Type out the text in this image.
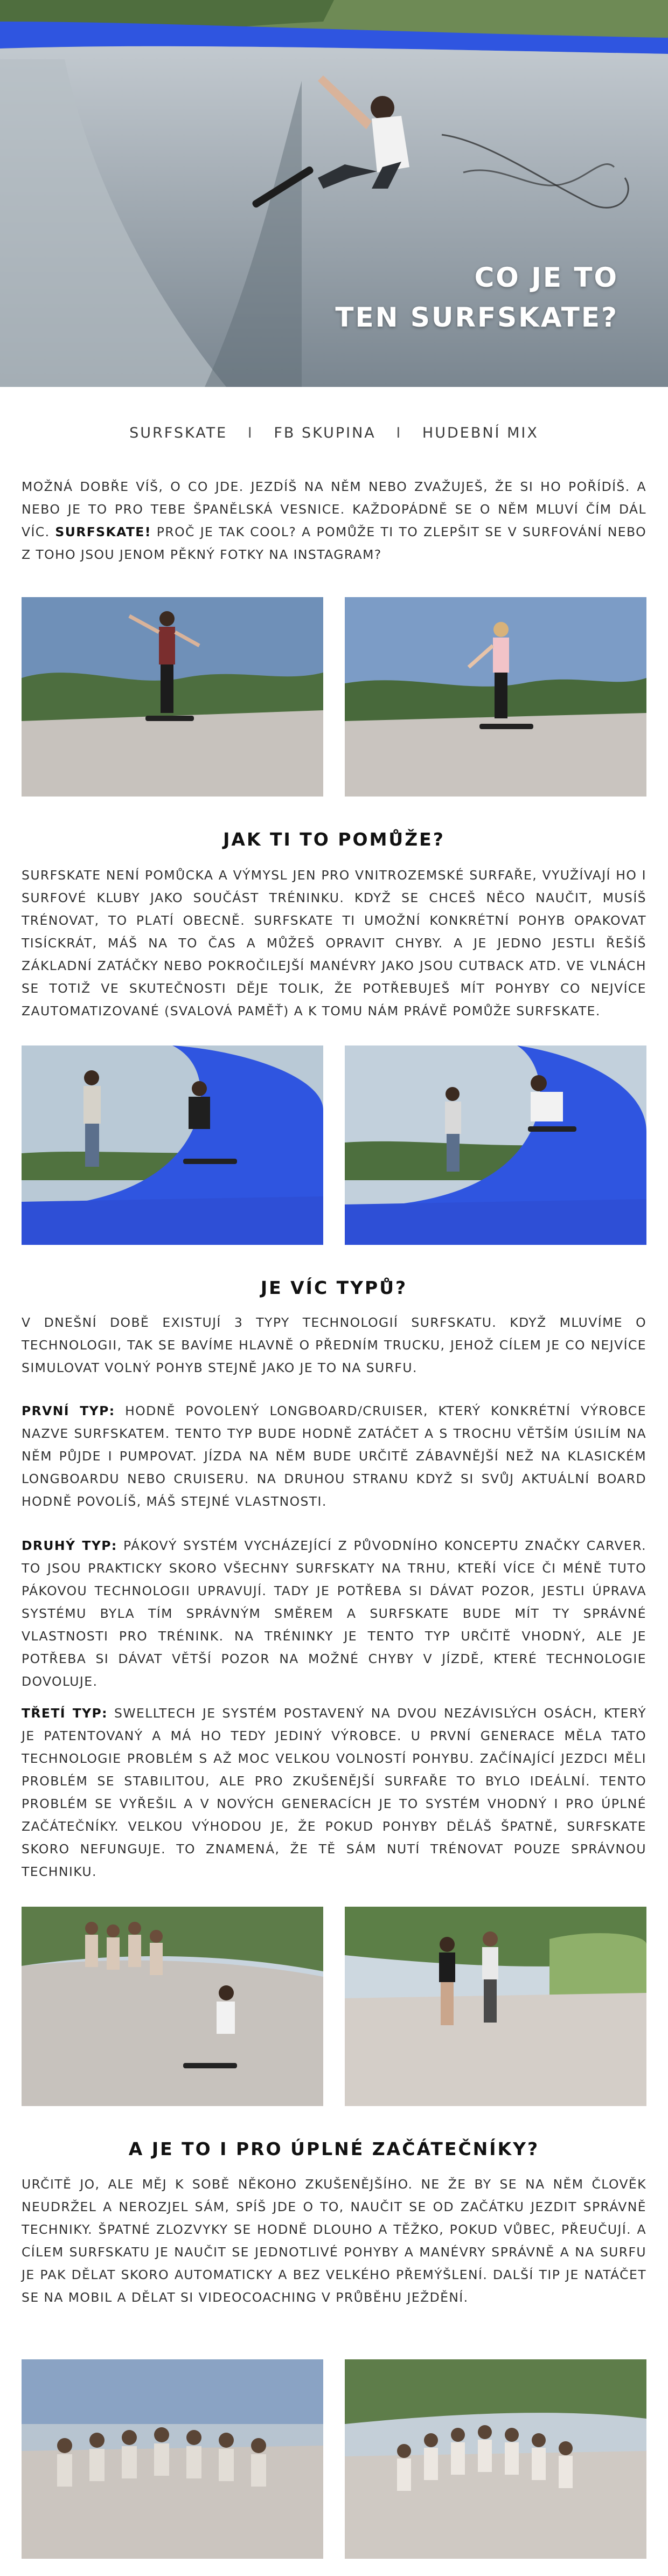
CO JE TO
TEN SURFSKATE?
SURFSKATE I FB SKUPINA I HUDEBNÍ MIX
MOŽNÁ DOBŘE VÍŠ, O CO JDE. JEZDÍŠ NA NĚM NEBO ZVAŽUJEŠ, ŽE SI HO POŘÍDÍŠ. A NEBO JE TO PRO TEBE ŠPANĚLSKÁ VESNICE. KAŽDOPÁDNĚ SE O NĚM MLUVÍ ČÍM DÁL VÍC. SURFSKATE! PROČ JE TAK COOL? A POMŮŽE TI TO ZLEPŠIT SE V SURFOVÁNÍ NEBO Z TOHO JSOU JENOM PĚKNÝ FOTKY NA INSTAGRAM?
JAK TI TO POMŮŽE?
SURFSKATE NENÍ POMŮCKA A VÝMYSL JEN PRO VNITROZEMSKÉ SURFAŘE, VYUŽÍVAJÍ HO I SURFOVÉ KLUBY JAKO SOUČÁST TRÉNINKU. KDYŽ SE CHCEŠ NĚCO NAUČIT, MUSÍŠ TRÉNOVAT, TO PLATÍ OBECNĚ. SURFSKATE TI UMOŽNÍ KONKRÉTNÍ POHYB OPAKOVAT TISÍCKRÁT, MÁŠ NA TO ČAS A MŮŽEŠ OPRAVIT CHYBY. A JE JEDNO JESTLI ŘEŠÍŠ ZÁKLADNÍ ZATÁČKY NEBO POKROČILEJŠÍ MANÉVRY JAKO JSOU CUTBACK ATD. VE VLNÁCH SE TOTIŽ VE SKUTEČNOSTI DĚJE TOLIK, ŽE POTŘEBUJEŠ MÍT POHYBY CO NEJVÍCE ZAUTOMATIZOVANÉ (SVALOVÁ PAMĚŤ) A K TOMU NÁM PRÁVĚ POMŮŽE SURFSKATE.
JE VÍC TYPŮ?
V DNEŠNÍ DOBĚ EXISTUJÍ 3 TYPY TECHNOLOGIÍ SURFSKATU. KDYŽ MLUVÍME O TECHNOLOGII, TAK SE BAVÍME HLAVNĚ O PŘEDNÍM TRUCKU, JEHOŽ CÍLEM JE CO NEJVÍCE SIMULOVAT VOLNÝ POHYB STEJNĚ JAKO JE TO NA SURFU.
PRVNÍ TYP: HODNĚ POVOLENÝ LONGBOARD/CRUISER, KTERÝ KONKRÉTNÍ VÝROBCE NAZVE SURFSKATEM. TENTO TYP BUDE HODNĚ ZATÁČET A S TROCHU VĚTŠÍM ÚSILÍM NA NĚM PŮJDE I PUMPOVAT. JÍZDA NA NĚM BUDE URČITĚ ZÁBAVNĚJŠÍ NEŽ NA KLASICKÉM LONGBOARDU NEBO CRUISERU. NA DRUHOU STRANU KDYŽ SI SVŮJ AKTUÁLNÍ BOARD HODNĚ POVOLÍŠ, MÁŠ STEJNÉ VLASTNOSTI.
DRUHÝ TYP: PÁKOVÝ SYSTÉM VYCHÁZEJÍCÍ Z PŮVODNÍHO KONCEPTU ZNAČKY CARVER. TO JSOU PRAKTICKY SKORO VŠECHNY SURFSKATY NA TRHU, KTEŘÍ VÍCE ČI MÉNĚ TUTO PÁKOVOU TECHNOLOGII UPRAVUJÍ. TADY JE POTŘEBA SI DÁVAT POZOR, JESTLI ÚPRAVA SYSTÉMU BYLA TÍM SPRÁVNÝM SMĚREM A SURFSKATE BUDE MÍT TY SPRÁVNÉ VLASTNOSTI PRO TRÉNINK. NA TRÉNINKY JE TENTO TYP URČITĚ VHODNÝ, ALE JE POTŘEBA SI DÁVAT VĚTŠÍ POZOR NA MOŽNÉ CHYBY V JÍZDĚ, KTERÉ TECHNOLOGIE DOVOLUJE.
TŘETÍ TYP: SWELLTECH JE SYSTÉM POSTAVENÝ NA DVOU NEZÁVISLÝCH OSÁCH, KTERÝ JE PATENTOVANÝ A MÁ HO TEDY JEDINÝ VÝROBCE. U PRVNÍ GENERACE MĚLA TATO TECHNOLOGIE PROBLÉM S AŽ MOC VELKOU VOLNOSTÍ POHYBU. ZAČÍNAJÍCÍ JEZDCI MĚLI PROBLÉM SE STABILITOU, ALE PRO ZKUŠENĚJŠÍ SURFAŘE TO BYLO IDEÁLNÍ. TENTO PROBLÉM SE VYŘEŠIL A V NOVÝCH GENERACÍCH JE TO SYSTÉM VHODNÝ I PRO ÚPLNÉ ZAČÁTEČNÍKY. VELKOU VÝHODOU JE, ŽE POKUD POHYBY DĚLÁŠ ŠPATNĚ, SURFSKATE SKORO NEFUNGUJE. TO ZNAMENÁ, ŽE TĚ SÁM NUTÍ TRÉNOVAT POUZE SPRÁVNOU TECHNIKU.
A JE TO I PRO ÚPLNÉ ZAČÁTEČNÍKY?
URČITĚ JO, ALE MĚJ K SOBĚ NĚKOHO ZKUŠENĚJŠÍHO. NE ŽE BY SE NA NĚM ČLOVĚK NEUDRŽEL A NEROZJEL SÁM, SPÍŠ JDE O TO, NAUČIT SE OD ZAČÁTKU JEZDIT SPRÁVNĚ TECHNIKY. ŠPATNÉ ZLOZVYKY SE HODNĚ DLOUHO A TĚŽKO, POKUD VŮBEC, PŘEUČUJÍ. A CÍLEM SURFSKATU JE NAUČIT SE JEDNOTLIVÉ POHYBY A MANÉVRY SPRÁVNĚ A NA SURFU JE PAK DĚLAT SKORO AUTOMATICKY A BEZ VELKÉHO PŘEMÝŠLENÍ. DALŠÍ TIP JE NATÁČET SE NA MOBIL A DĚLAT SI VIDEOCOACHING V PRŮBĚHU JEŽDĚNÍ.
